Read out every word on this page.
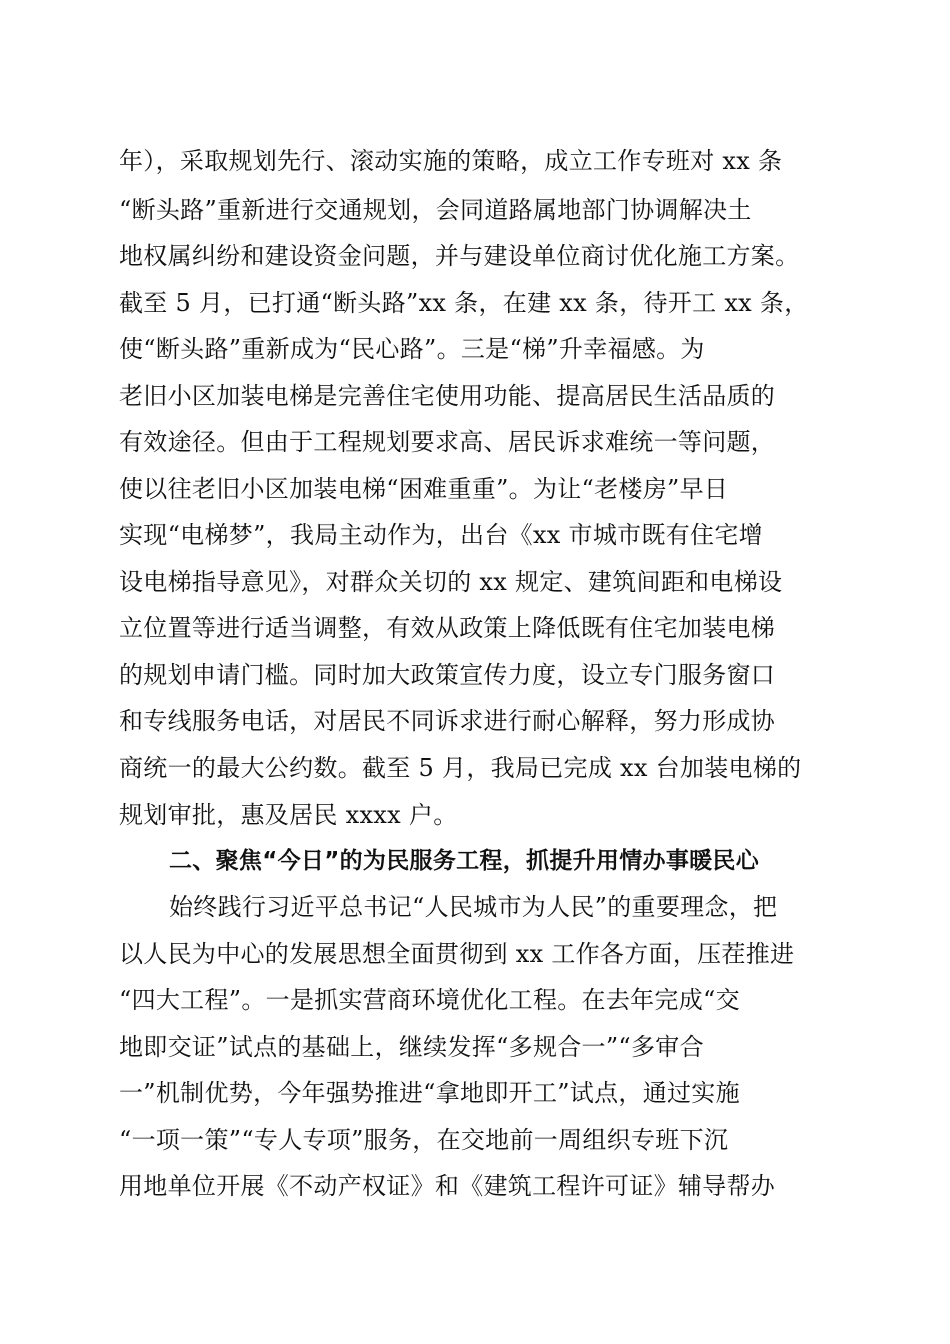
年），采取规划先行、滚动实施的策略，成立工作专班对 xx 条
“断头路”重新进行交通规划，会同道路属地部门协调解决土
地权属纠纷和建设资金问题，并与建设单位商讨优化施工方案。
截至 5 月，已打通“断头路”xx 条，在建 xx 条，待开工 xx 条，
使“断头路”重新成为“民心路”。三是“梯”升幸福感。为
老旧小区加装电梯是完善住宅使用功能、提高居民生活品质的
有效途径。但由于工程规划要求高、居民诉求难统一等问题，
使以往老旧小区加装电梯“困难重重”。为让“老楼房”早日
实现“电梯梦”，我局主动作为，出台《xx 市城市既有住宅增
设电梯指导意见》，对群众关切的 xx 规定、建筑间距和电梯设
立位置等进行适当调整，有效从政策上降低既有住宅加装电梯
的规划申请门槛。同时加大政策宣传力度，设立专门服务窗口
和专线服务电话，对居民不同诉求进行耐心解释，努力形成协
商统一的最大公约数。截至 5 月，我局已完成 xx 台加装电梯的
规划审批，惠及居民 xxxx 户。
二、聚焦“今日”的为民服务工程，抓提升用情办事暖民心
始终践行习近平总书记“人民城市为人民”的重要理念，把
以人民为中心的发展思想全面贯彻到 xx 工作各方面，压茬推进
“四大工程”。一是抓实营商环境优化工程。在去年完成“交
地即交证”试点的基础上，继续发挥“多规合一”“多审合
一”机制优势，今年强势推进“拿地即开工”试点，通过实施
“一项一策”“专人专项”服务，在交地前一周组织专班下沉
用地单位开展《不动产权证》和《建筑工程许可证》辅导帮办
